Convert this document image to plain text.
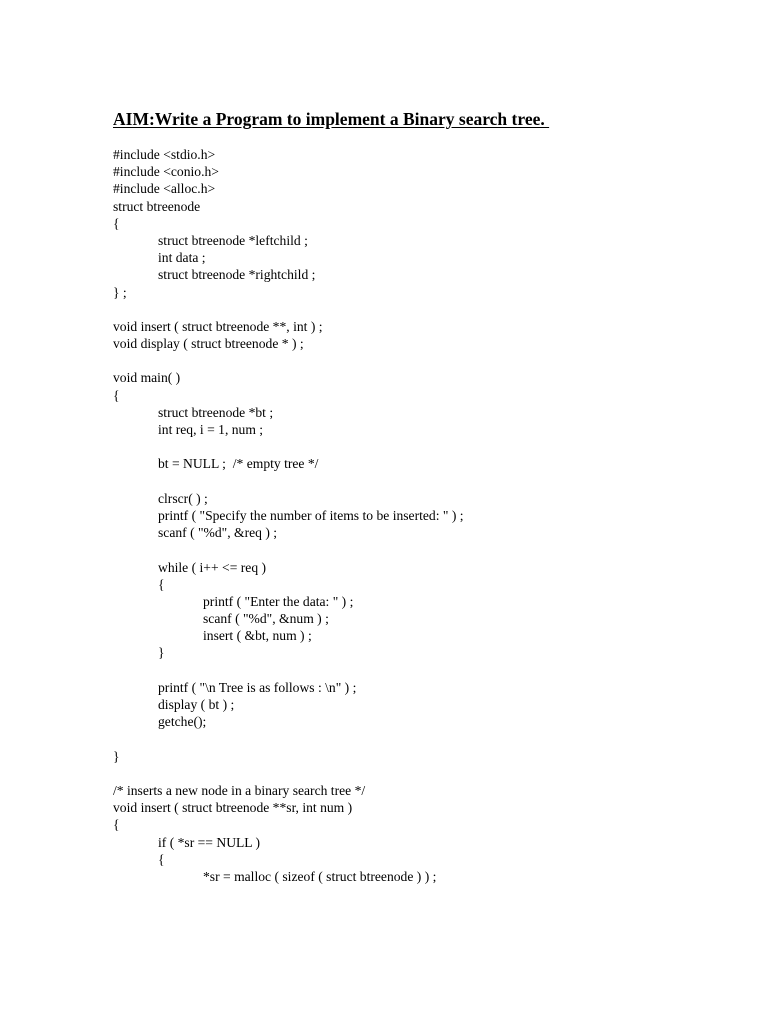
AIM:Write a Program to implement a Binary search tree.
#include <stdio.h>
#include <conio.h>
#include <alloc.h>
struct btreenode
{
struct btreenode *leftchild ;
int data ;
struct btreenode *rightchild ;
} ;
void insert ( struct btreenode **, int ) ;
void display ( struct btreenode * ) ;
void main( )
{
struct btreenode *bt ;
int req, i = 1, num ;
bt = NULL ;  /* empty tree */
clrscr( ) ;
printf ( "Specify the number of items to be inserted: " ) ;
scanf ( "%d", &req ) ;
while ( i++ <= req )
{
printf ( "Enter the data: " ) ;
scanf ( "%d", &num ) ;
insert ( &bt, num ) ;
}
printf ( "\n Tree is as follows : \n" ) ;
display ( bt ) ;
getche();
}
/* inserts a new node in a binary search tree */
void insert ( struct btreenode **sr, int num )
{
if ( *sr == NULL )
{
*sr = malloc ( sizeof ( struct btreenode ) ) ;
